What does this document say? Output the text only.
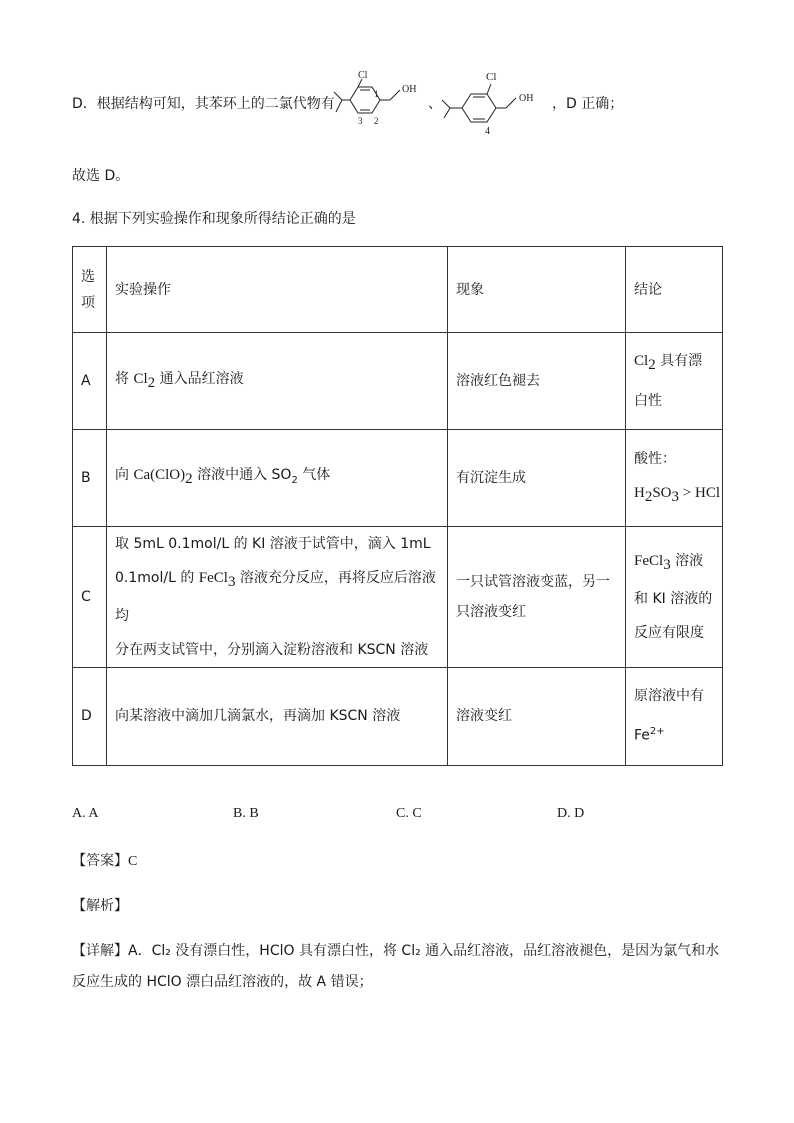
D．根据结构可知，其苯环上的二氯代物有
Cl
1
2
3
OH
、
Cl
4
OH ，D 正确；
故选 D。
4. 根据下列实验操作和现象所得结论正确的是
选项	实验操作	现象	结论
A	将 $Cl_2$ 通入品红溶液	溶液红色褪去	$Cl_2$ 具有漂
白性
B	向 $Ca(ClO)_2$ 溶液中通入 $SO_2$ 气体	有沉淀生成	酸性：
$H_2SO_3$ > HCl
C	取 5mL 0.1mol/L 的 KI 溶液于试管中，滴入 1mL
0.1mol/L 的 FeCl$_3$ 溶液充分反应，再将反应后溶液均
分在两支试管中，分别滴入淀粉溶液和 KSCN 溶液	一只试管溶液变蓝，另一
只溶液变红	FeCl$_3$ 溶液
和 KI 溶液的
反应有限度
D	向某溶液中滴加几滴氯水，再滴加 KSCN 溶液	溶液变红	原溶液中有
$Fe^{2+}$
A. A	B. B	C. C	D. D
【答案】C
【解析】
【详解】A．Cl₂ 没有漂白性，HClO 具有漂白性，将 Cl₂ 通入品红溶液，品红溶液褪色，是因为氯气和水
反应生成的 HClO 漂白品红溶液的，故 A 错误；
